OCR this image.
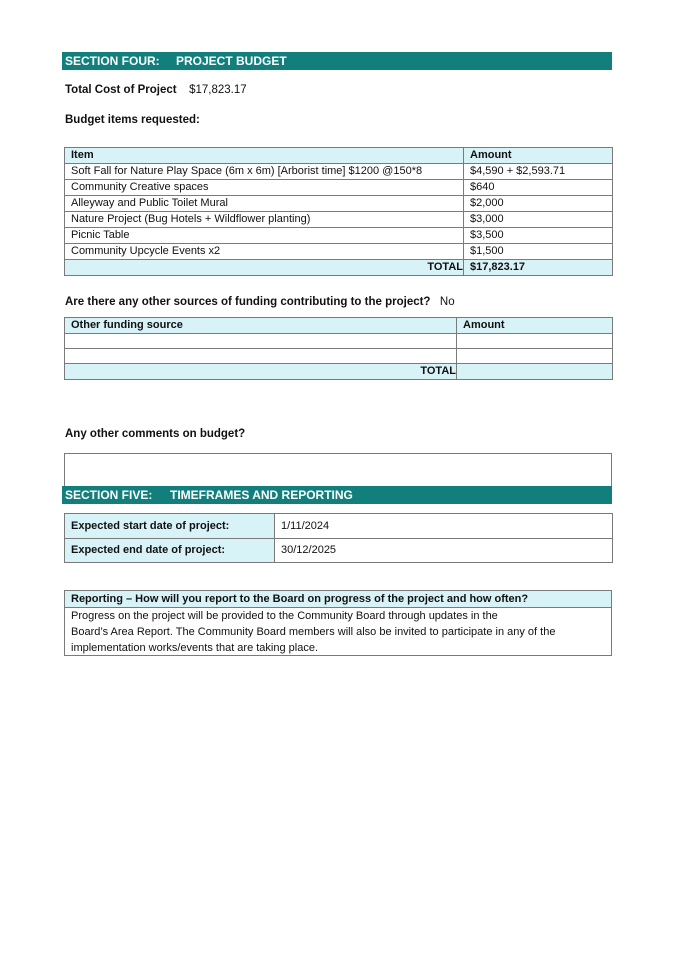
SECTION FOUR: PROJECT BUDGET
Total Cost of Project $17,823.17
Budget items requested:
Item	Amount
Soft Fall for Nature Play Space (6m x 6m) [Arborist time] $1200 @150*8	$4,590 + $2,593.71
Community Creative spaces	$640
Alleyway and Public Toilet Mural	$2,000
Nature Project (Bug Hotels + Wildflower planting)	$3,000
Picnic Table	$3,500
Community Upcycle Events x2	$1,500
TOTAL	$17,823.17
Are there any other sources of funding contributing to the project? No
Other funding source	Amount

TOTAL	
Any other comments on budget?
SECTION FIVE: TIMEFRAMES AND REPORTING
Expected start date of project:	1/11/2024
Expected end date of project:	30/12/2025
Reporting – How will you report to the Board on progress of the project and how often?
Progress on the project will be provided to the Community Board through updates in the
Board’s Area Report. The Community Board members will also be invited to participate in any of the
implementation works/events that are taking place.
